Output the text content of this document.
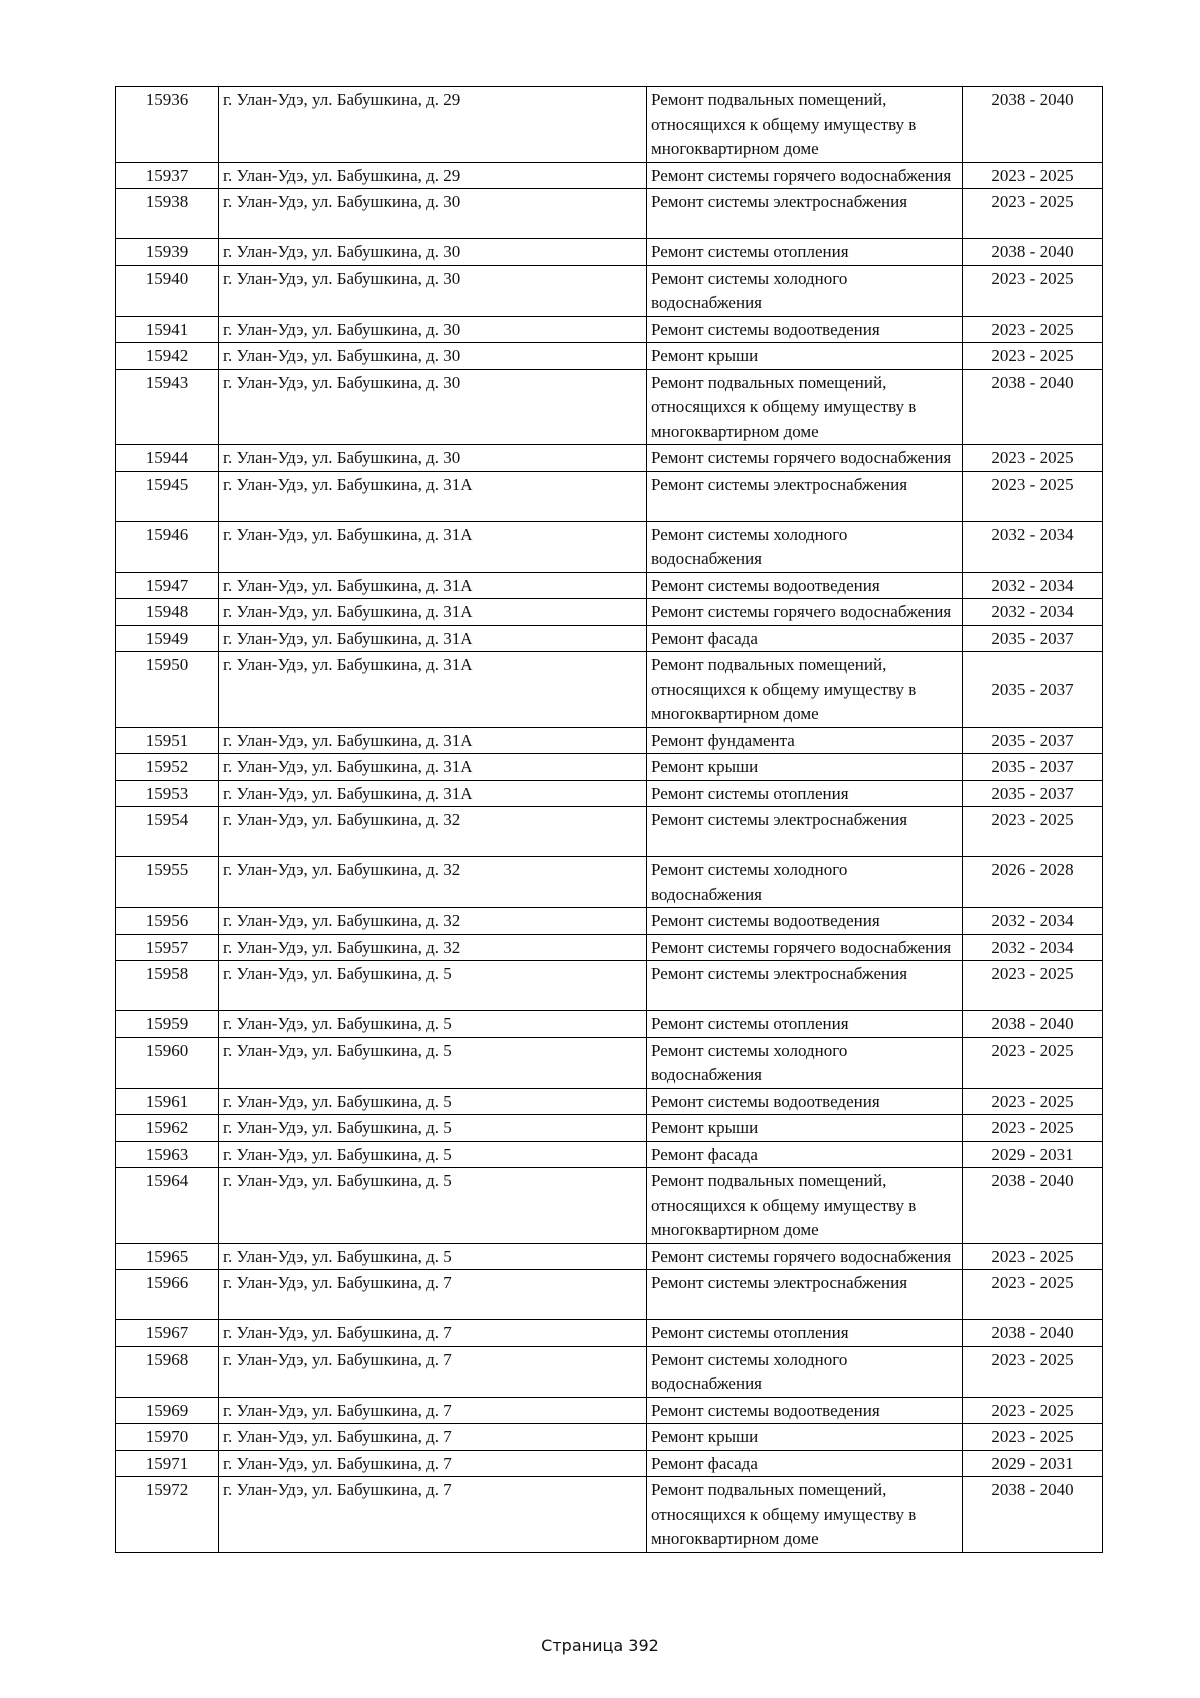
15936	г. Улан-Удэ, ул. Бабушкина, д. 29	Ремонт подвальных помещений, относящихся к общему имуществу в многоквартирном доме	2038 - 2040
15937	г. Улан-Удэ, ул. Бабушкина, д. 29	Ремонт системы горячего водоснабжения	2023 - 2025
15938	г. Улан-Удэ, ул. Бабушкина, д. 30	Ремонт системы электроснабжения	2023 - 2025
15939	г. Улан-Удэ, ул. Бабушкина, д. 30	Ремонт системы отопления	2038 - 2040
15940	г. Улан-Удэ, ул. Бабушкина, д. 30	Ремонт системы холодного водоснабжения	2023 - 2025
15941	г. Улан-Удэ, ул. Бабушкина, д. 30	Ремонт системы водоотведения	2023 - 2025
15942	г. Улан-Удэ, ул. Бабушкина, д. 30	Ремонт крыши	2023 - 2025
15943	г. Улан-Удэ, ул. Бабушкина, д. 30	Ремонт подвальных помещений, относящихся к общему имуществу в многоквартирном доме	2038 - 2040
15944	г. Улан-Удэ, ул. Бабушкина, д. 30	Ремонт системы горячего водоснабжения	2023 - 2025
15945	г. Улан-Удэ, ул. Бабушкина, д. 31А	Ремонт системы электроснабжения	2023 - 2025
15946	г. Улан-Удэ, ул. Бабушкина, д. 31А	Ремонт системы холодного водоснабжения	2032 - 2034
15947	г. Улан-Удэ, ул. Бабушкина, д. 31А	Ремонт системы водоотведения	2032 - 2034
15948	г. Улан-Удэ, ул. Бабушкина, д. 31А	Ремонт системы горячего водоснабжения	2032 - 2034
15949	г. Улан-Удэ, ул. Бабушкина, д. 31А	Ремонт фасада	2035 - 2037
15950	г. Улан-Удэ, ул. Бабушкина, д. 31А	Ремонт подвальных помещений, относящихся к общему имуществу в многоквартирном доме	2035 - 2037
15951	г. Улан-Удэ, ул. Бабушкина, д. 31А	Ремонт фундамента	2035 - 2037
15952	г. Улан-Удэ, ул. Бабушкина, д. 31А	Ремонт крыши	2035 - 2037
15953	г. Улан-Удэ, ул. Бабушкина, д. 31А	Ремонт системы отопления	2035 - 2037
15954	г. Улан-Удэ, ул. Бабушкина, д. 32	Ремонт системы электроснабжения	2023 - 2025
15955	г. Улан-Удэ, ул. Бабушкина, д. 32	Ремонт системы холодного водоснабжения	2026 - 2028
15956	г. Улан-Удэ, ул. Бабушкина, д. 32	Ремонт системы водоотведения	2032 - 2034
15957	г. Улан-Удэ, ул. Бабушкина, д. 32	Ремонт системы горячего водоснабжения	2032 - 2034
15958	г. Улан-Удэ, ул. Бабушкина, д. 5	Ремонт системы электроснабжения	2023 - 2025
15959	г. Улан-Удэ, ул. Бабушкина, д. 5	Ремонт системы отопления	2038 - 2040
15960	г. Улан-Удэ, ул. Бабушкина, д. 5	Ремонт системы холодного водоснабжения	2023 - 2025
15961	г. Улан-Удэ, ул. Бабушкина, д. 5	Ремонт системы водоотведения	2023 - 2025
15962	г. Улан-Удэ, ул. Бабушкина, д. 5	Ремонт крыши	2023 - 2025
15963	г. Улан-Удэ, ул. Бабушкина, д. 5	Ремонт фасада	2029 - 2031
15964	г. Улан-Удэ, ул. Бабушкина, д. 5	Ремонт подвальных помещений, относящихся к общему имуществу в многоквартирном доме	2038 - 2040
15965	г. Улан-Удэ, ул. Бабушкина, д. 5	Ремонт системы горячего водоснабжения	2023 - 2025
15966	г. Улан-Удэ, ул. Бабушкина, д. 7	Ремонт системы электроснабжения	2023 - 2025
15967	г. Улан-Удэ, ул. Бабушкина, д. 7	Ремонт системы отопления	2038 - 2040
15968	г. Улан-Удэ, ул. Бабушкина, д. 7	Ремонт системы холодного водоснабжения	2023 - 2025
15969	г. Улан-Удэ, ул. Бабушкина, д. 7	Ремонт системы водоотведения	2023 - 2025
15970	г. Улан-Удэ, ул. Бабушкина, д. 7	Ремонт крыши	2023 - 2025
15971	г. Улан-Удэ, ул. Бабушкина, д. 7	Ремонт фасада	2029 - 2031
15972	г. Улан-Удэ, ул. Бабушкина, д. 7	Ремонт подвальных помещений, относящихся к общему имуществу в многоквартирном доме	2038 - 2040
Страница 392
